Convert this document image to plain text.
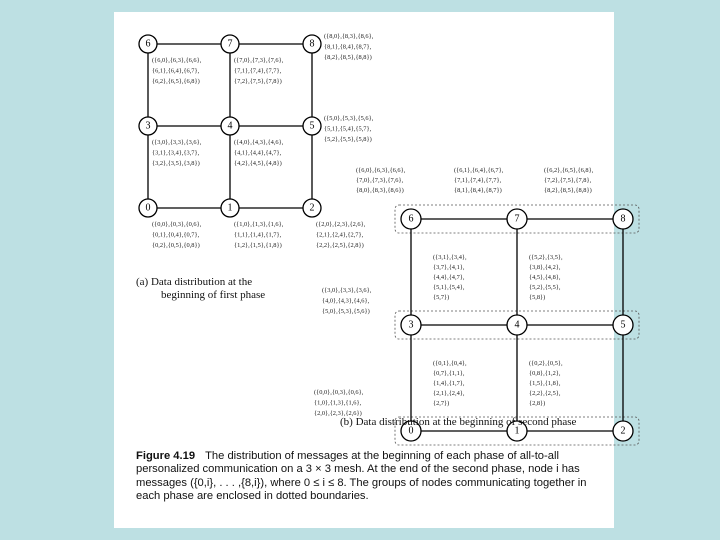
0	1	2
3	4	5
6	7	8
({6,0},{6,3},{6,6}, {6,1},{6,4},{6,7}, {6,2},{6,5},{6,8})
({7,0},{7,3},{7,6}, {7,1},{7,4},{7,7}, {7,2},{7,5},{7,8})
({8,0},{8,3},{8,6}, {8,1},{8,4},{8,7}, {8,2},{8,5},{8,8})
({3,0},{3,3},{3,6}, {3,1},{3,4},{3,7}, {3,2},{3,5},{3,8})
({4,0},{4,3},{4,6}, {4,1},{4,4},{4,7}, {4,2},{4,5},{4,8})
({5,0},{5,3},{5,6}, {5,1},{5,4},{5,7}, {5,2},{5,5},{5,8})
({0,0},{0,3},{0,6}, {0,1},{0,4},{0,7}, {0,2},{0,5},{0,8})
({1,0},{1,3},{1,6}, {1,1},{1,4},{1,7}, {1,2},{1,5},{1,8})
({2,0},{2,3},{2,6}, {2,1},{2,4},{2,7}, {2,2},{2,5},{2,8})
0	1	2
3	4	5
6	7	8
({6,0},{6,3},{6,6}, {7,0},{7,3},{7,6}, {8,0},{8,3},{8,6})
({6,1},{6,4},{6,7}, {7,1},{7,4},{7,7}, {8,1},{8,4},{8,7})
({6,2},{6,5},{6,8}, {7,2},{7,5},{7,8}, {8,2},{8,5},{8,8})
({3,0},{3,3},{3,6}, {4,0},{4,3},{4,6}, {5,0},{5,3},{5,6})
({3,1},{3,4}, {3,7},{4,1}, {4,4},{4,7}, {5,1},{5,4}, {5,7})
({5,2},{3,5}, {3,8},{4,2}, {4,5},{4,8}, {5,2},{5,5}, {5,8})
({0,0},{0,3},{0,6}, {1,0},{1,3},{1,6}, {2,0},{2,3},{2,6})
({0,1},{0,4}, {0,7},{1,1}, {1,4},{1,7}, {2,1},{2,4}, {2,7})
({0,2},{0,5}, {0,8},{1,2}, {1,5},{1,8}, {2,2},{2,5}, {2,8})
(a) Data distribution at the
beginning of first phase
(b) Data distribution at the beginning of second phase
Figure 4.19 The distribution of messages at the beginning of each phase of all-to-all personalized communication on a 3 × 3 mesh. At the end of the second phase, node i has messages ({0,i}, . . . ,{8,i}), where 0 ≤ i ≤ 8. The groups of nodes communicating together in each phase are enclosed in dotted boundaries.
